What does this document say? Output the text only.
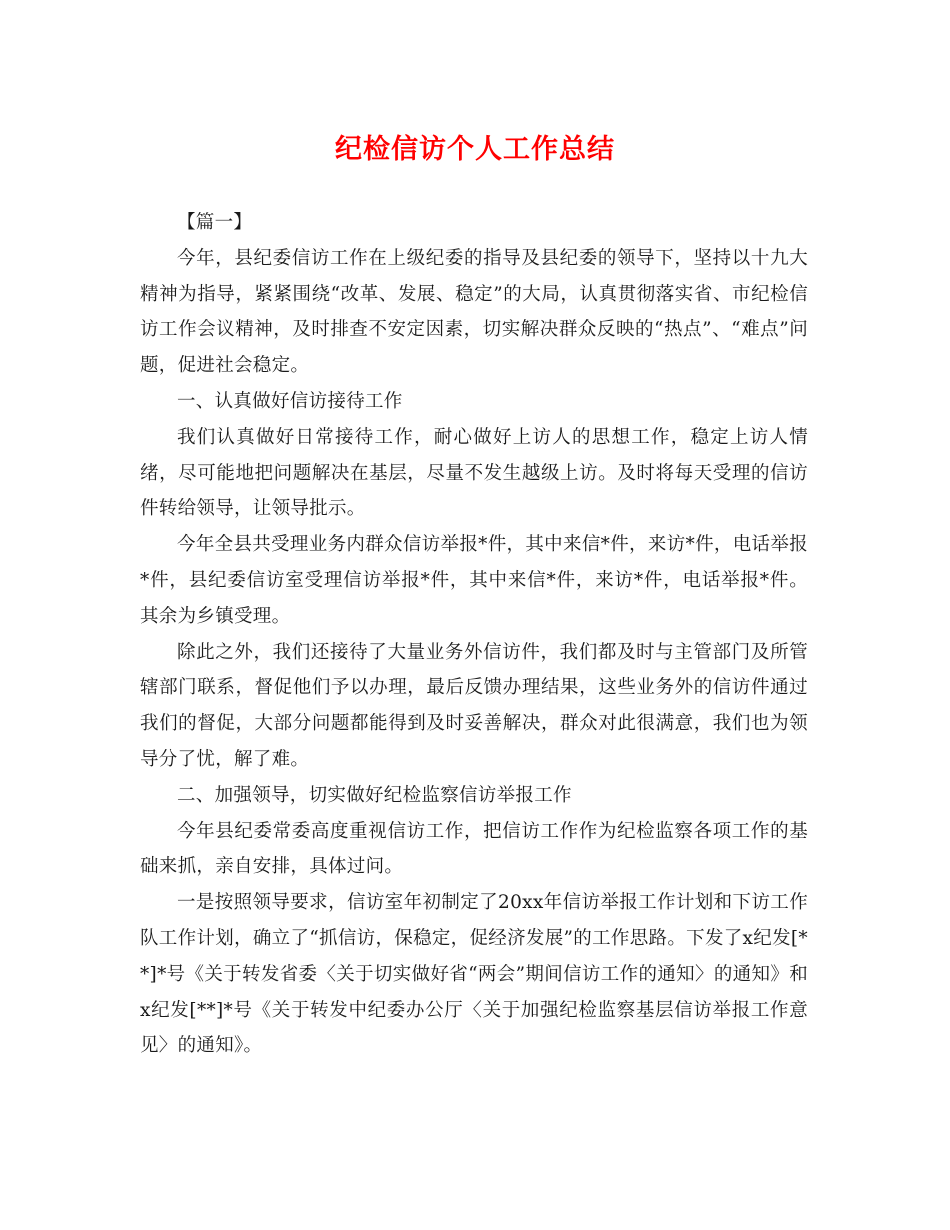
纪检信访个人工作总结

【篇一】

今年，县纪委信访工作在上级纪委的指导及县纪委的领导下，坚持以十九大精神为指导，紧紧围绕“改革、发展、稳定”的大局，认真贯彻落实省、市纪检信访工作会议精神，及时排查不安定因素，切实解决群众反映的“热点”、“难点”问题，促进社会稳定。

一、认真做好信访接待工作

我们认真做好日常接待工作，耐心做好上访人的思想工作，稳定上访人情绪，尽可能地把问题解决在基层，尽量不发生越级上访。及时将每天受理的信访件转给领导，让领导批示。

今年全县共受理业务内群众信访举报*件，其中来信*件，来访*件，电话举报*件，县纪委信访室受理信访举报*件，其中来信*件，来访*件，电话举报*件。其余为乡镇受理。

除此之外，我们还接待了大量业务外信访件，我们都及时与主管部门及所管辖部门联系，督促他们予以办理，最后反馈办理结果，这些业务外的信访件通过我们的督促，大部分问题都能得到及时妥善解决，群众对此很满意，我们也为领导分了忧，解了难。

二、加强领导，切实做好纪检监察信访举报工作

今年县纪委常委高度重视信访工作，把信访工作作为纪检监察各项工作的基础来抓，亲自安排，具体过问。

一是按照领导要求，信访室年初制定了20xx年信访举报工作计划和下访工作队工作计划，确立了“抓信访，保稳定，促经济发展”的工作思路。下发了x纪发[**]*号《关于转发省委〈关于切实做好省“两会”期间信访工作的通知〉的通知》和x纪发[**]*号《关于转发中纪委办公厅〈关于加强纪检监察基层信访举报工作意见〉的通知》。
